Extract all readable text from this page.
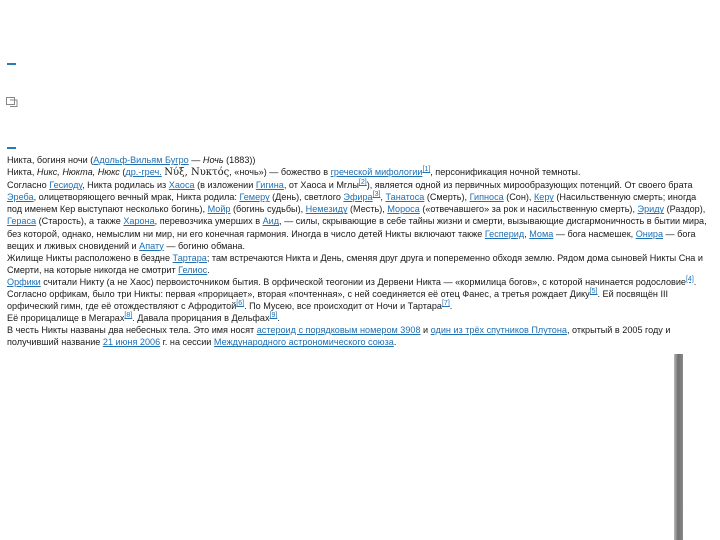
Никта, богиня ночи (Адольф-Вильям Бугро — Ночь (1883))

Никта, Никс, Нюкта, Нюкс (др.-греч. Νύξ, Νυκτός, «ночь») — божество в греческой мифологии[1], персонификация ночной темноты.

Согласно Гесиоду, Никта родилась из Хаоса (в изложении Гигина, от Хаоса и Мглы[2]), является одной из первичных мирообразующих потенций. От своего брата Эреба, олицетворяющего вечный мрак, Никта родила: Гемеру (День), светлого Эфира[3], Танатоса (Смерть), Гипноса (Сон), Керу (Насильственную смерть; иногда под именем Кер выступают несколько богинь), Мойр (богинь судьбы), Немезиду (Месть), Мороса («отвечавшего» за рок и насильственную смерть), Эриду (Раздор), Гераса (Старость), а также Харона, перевозчика умерших в Аид, — силы, скрывающие в себе тайны жизни и смерти, вызывающие дисгармоничность в бытии мира, без которой, однако, немыслим ни мир, ни его конечная гармония. Иногда в число детей Никты включают также Гесперид, Мома — бога насмешек, Онира — бога вещих и лживых сновидений и Апату — богиню обмана.

Жилище Никты расположено в бездне Тартара; там встречаются Никта и День, сменяя друг друга и попеременно обходя землю. Рядом дома сыновей Никты Сна и Смерти, на которые никогда не смотрит Гелиос.

Орфики считали Никту (а не Хаос) первоисточником бытия. В орфической теогонии из Дервени Никта — «кормилица богов», с которой начинается родословие[4]. Согласно орфикам, было три Никты: первая «прорицает», вторая «почтенная», с ней соединяется её отец Фанес, а третья рождает Дику[5]. Ей посвящён III орфический гимн, где её отождествляют с Афродитой[6]. По Мусею, все происходит от Ночи и Тартара[7].

Её прорицалище в Мегарах[8]. Давала прорицания в Дельфах[9].

В честь Никты названы два небесных тела. Это имя носят астероид с порядковым номером 3908 и один из трёх спутников Плутона, открытый в 2005 году и получивший название 21 июня 2006 г. на сессии Международного астрономического союза.
